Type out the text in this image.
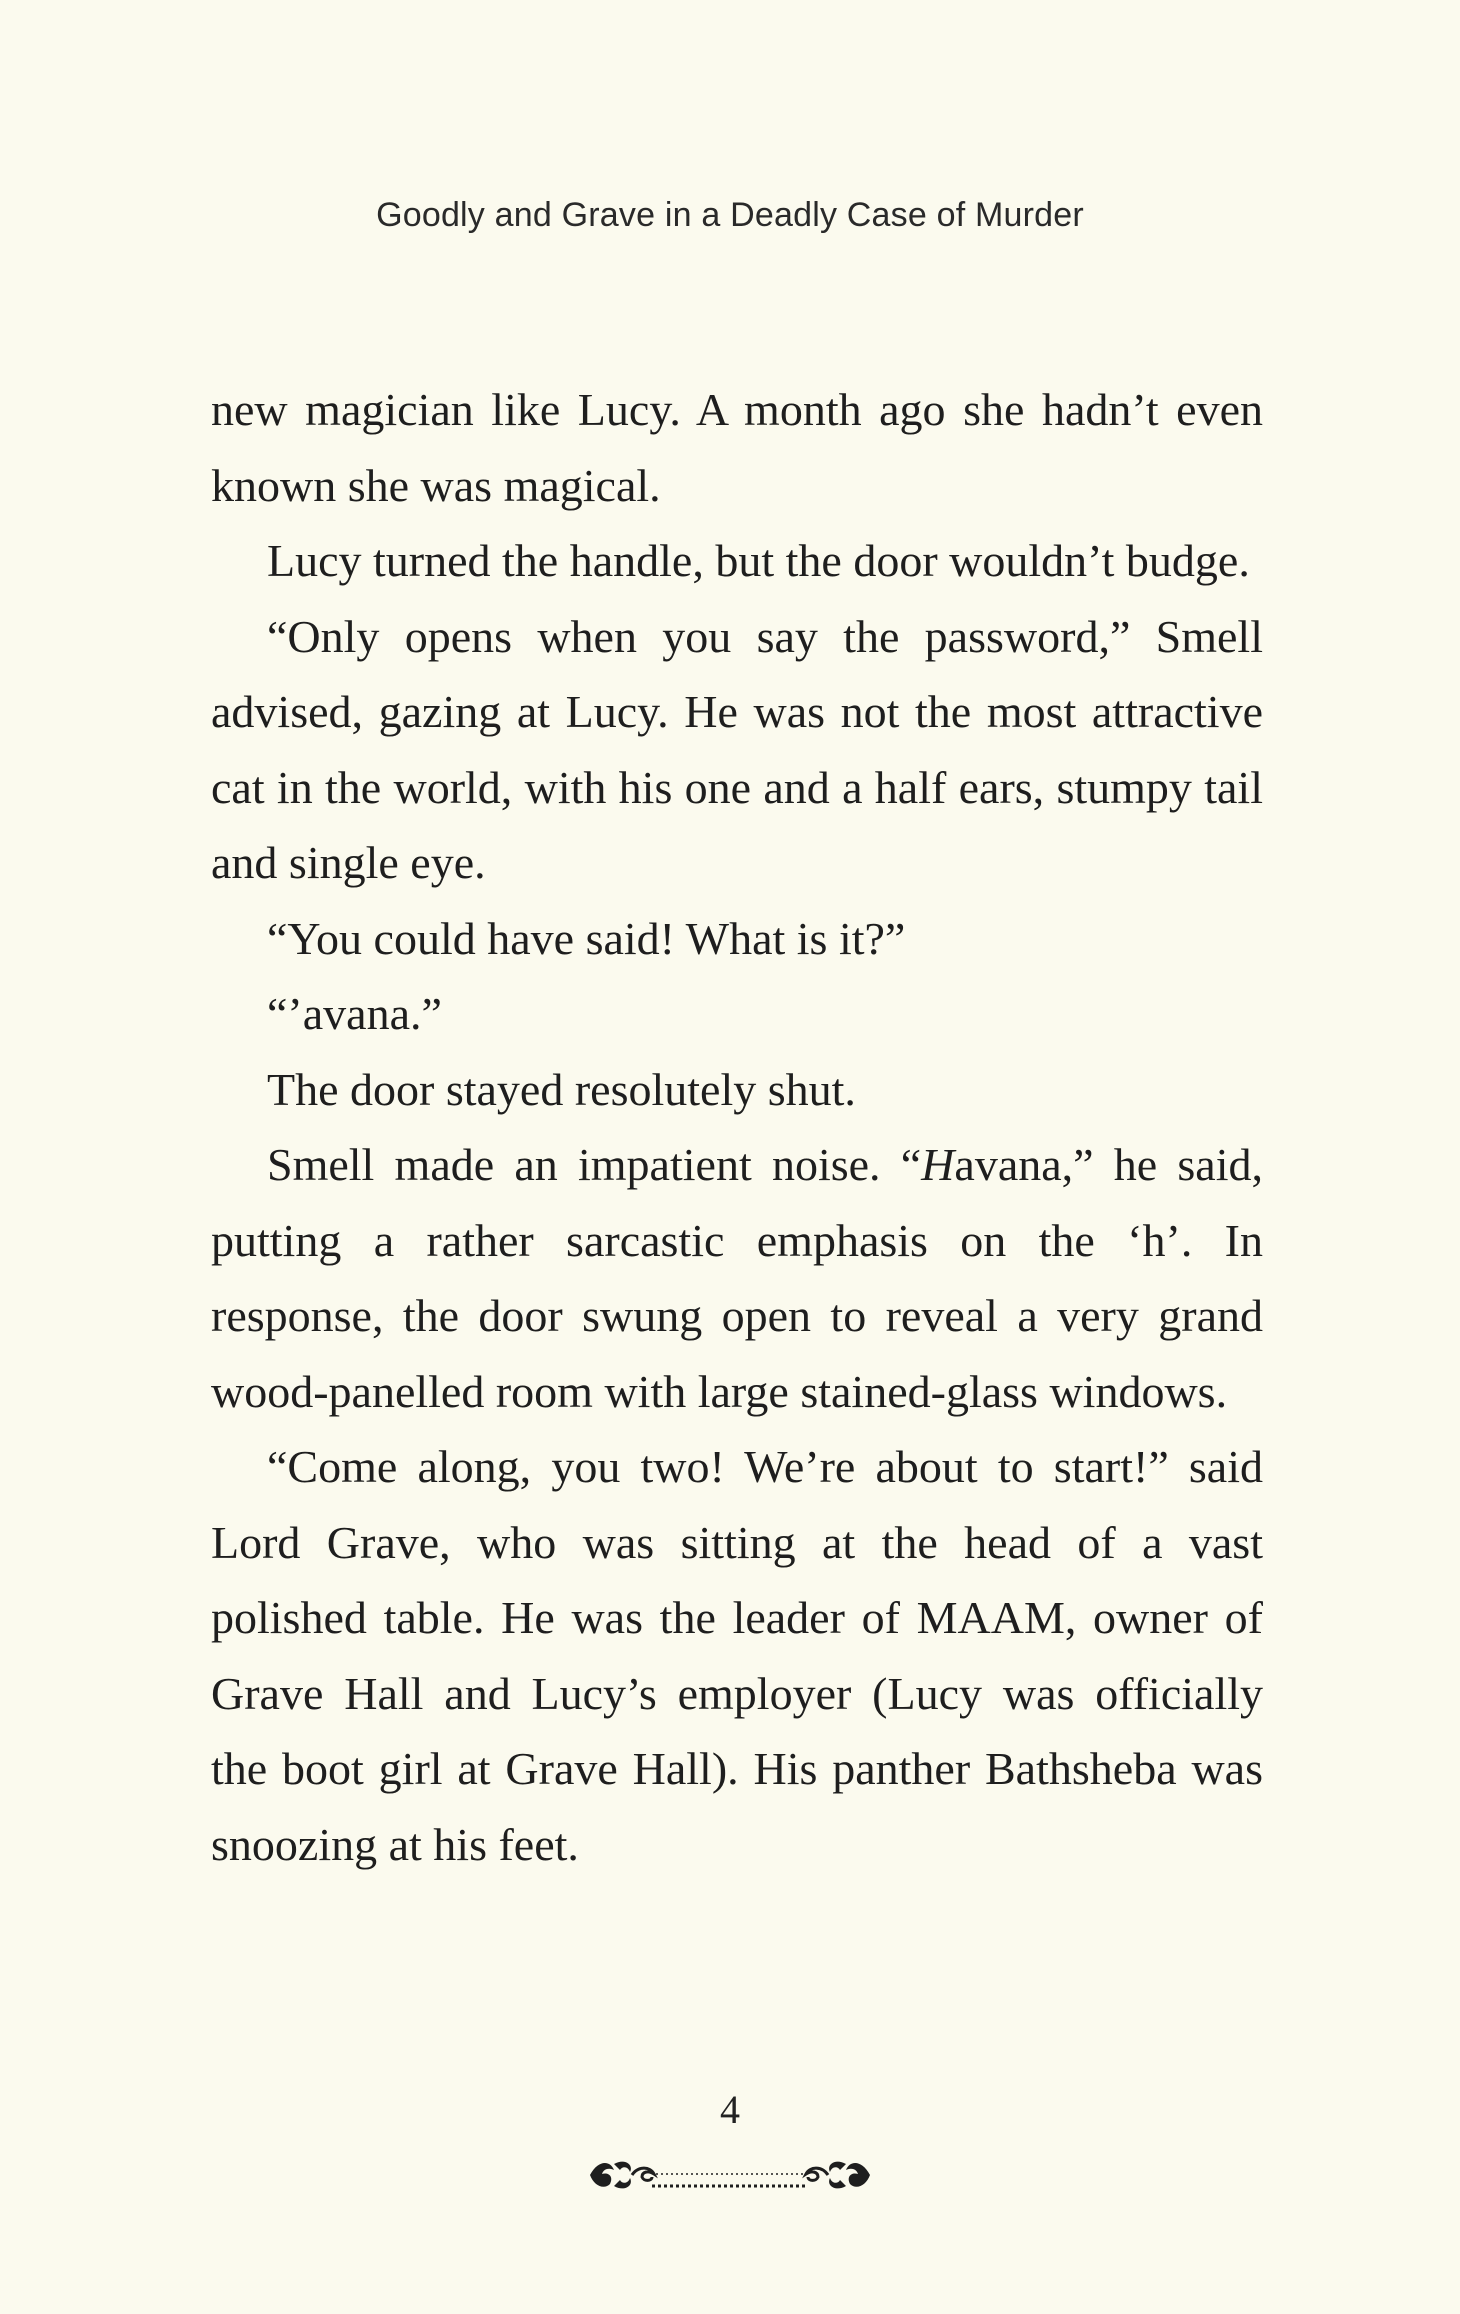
Goodly and Grave in a Deadly Case of Murder

new magician like Lucy. A month ago she hadn’t even known she was magical.

Lucy turned the handle, but the door wouldn’t budge.

“Only opens when you say the password,” Smell advised, gazing at Lucy. He was not the most attractive cat in the world, with his one and a half ears, stumpy tail and single eye.

“You could have said! What is it?”

“’avana.”

The door stayed resolutely shut.

Smell made an impatient noise. “Havana,” he said, putting a rather sarcastic emphasis on the ‘h’. In response, the door swung open to reveal a very grand wood-panelled room with large stained-glass windows.

“Come along, you two! We’re about to start!” said Lord Grave, who was sitting at the head of a vast polished table. He was the leader of MAAM, owner of Grave Hall and Lucy’s employer (Lucy was officially the boot girl at Grave Hall). His panther Bathsheba was snoozing at his feet.

4
